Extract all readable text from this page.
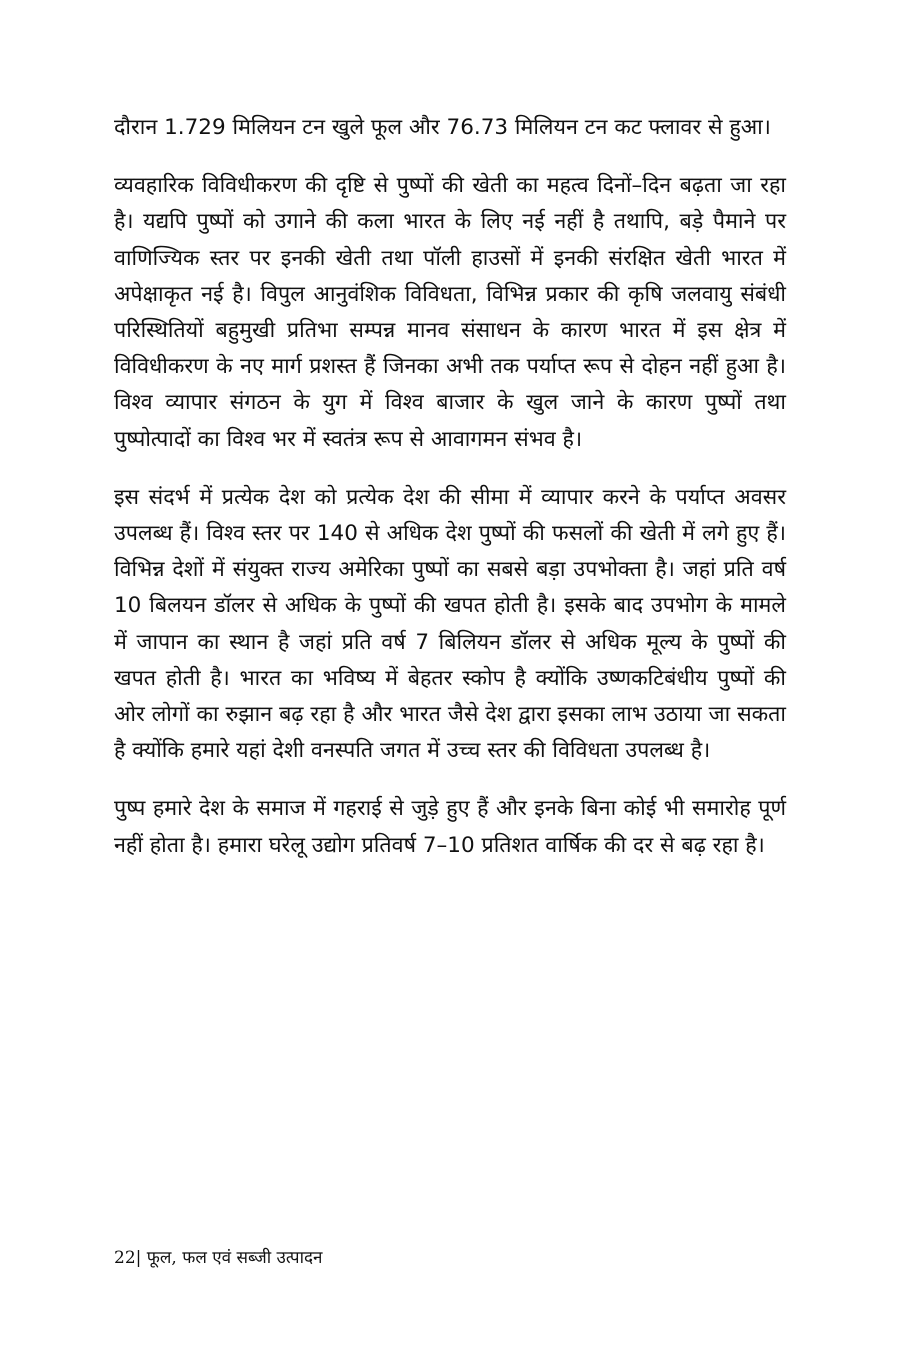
दौरान 1.729 मिलियन टन खुले फूल और 76.73 मिलियन टन कट फ्लावर से हुआ।

व्यवहारिक विविधीकरण की दृष्टि से पुष्पों की खेती का महत्व दिनों–दिन बढ़ता जा रहा है। यद्यपि पुष्पों को उगाने की कला भारत के लिए नई नहीं है तथापि, बड़े पैमाने पर वाणिज्यिक स्तर पर इनकी खेती तथा पॉली हाउसों में इनकी संरक्षित खेती भारत में अपेक्षाकृत नई है। विपुल आनुवंशिक विविधता, विभिन्न प्रकार की कृषि जलवायु संबंधी परिस्थितियों बहुमुखी प्रतिभा सम्पन्न मानव संसाधन के कारण भारत में इस क्षेत्र में विविधीकरण के नए मार्ग प्रशस्त हैं जिनका अभी तक पर्याप्त रूप से दोहन नहीं हुआ है। विश्व व्यापार संगठन के युग में विश्व बाजार के खुल जाने के कारण पुष्पों तथा पुष्पोत्पादों का विश्व भर में स्वतंत्र रूप से आवागमन संभव है।

इस संदर्भ में प्रत्येक देश को प्रत्येक देश की सीमा में व्यापार करने के पर्याप्त अवसर उपलब्ध हैं। विश्व स्तर पर 140 से अधिक देश पुष्पों की फसलों की खेती में लगे हुए हैं। विभिन्न देशों में संयुक्त राज्य अमेरिका पुष्पों का सबसे बड़ा उपभोक्ता है। जहां प्रति वर्ष 10 बिलयन डॉलर से अधिक के पुष्पों की खपत होती है। इसके बाद उपभोग के मामले में जापान का स्थान है जहां प्रति वर्ष 7 बिलियन डॉलर से अधिक मूल्य के पुष्पों की खपत होती है। भारत का भविष्य में बेहतर स्कोप है क्योंकि उष्णकटिबंधीय पुष्पों की ओर लोगों का रुझान बढ़ रहा है और भारत जैसे देश द्वारा इसका लाभ उठाया जा सकता है क्योंकि हमारे यहां देशी वनस्पति जगत में उच्च स्तर की विविधता उपलब्ध है।

पुष्प हमारे देश के समाज में गहराई से जुड़े हुए हैं और इनके बिना कोई भी समारोह पूर्ण नहीं होता है। हमारा घरेलू उद्योग प्रतिवर्ष 7–10 प्रतिशत वार्षिक की दर से बढ़ रहा है।

22| फूल, फल एवं सब्जी उत्पादन
